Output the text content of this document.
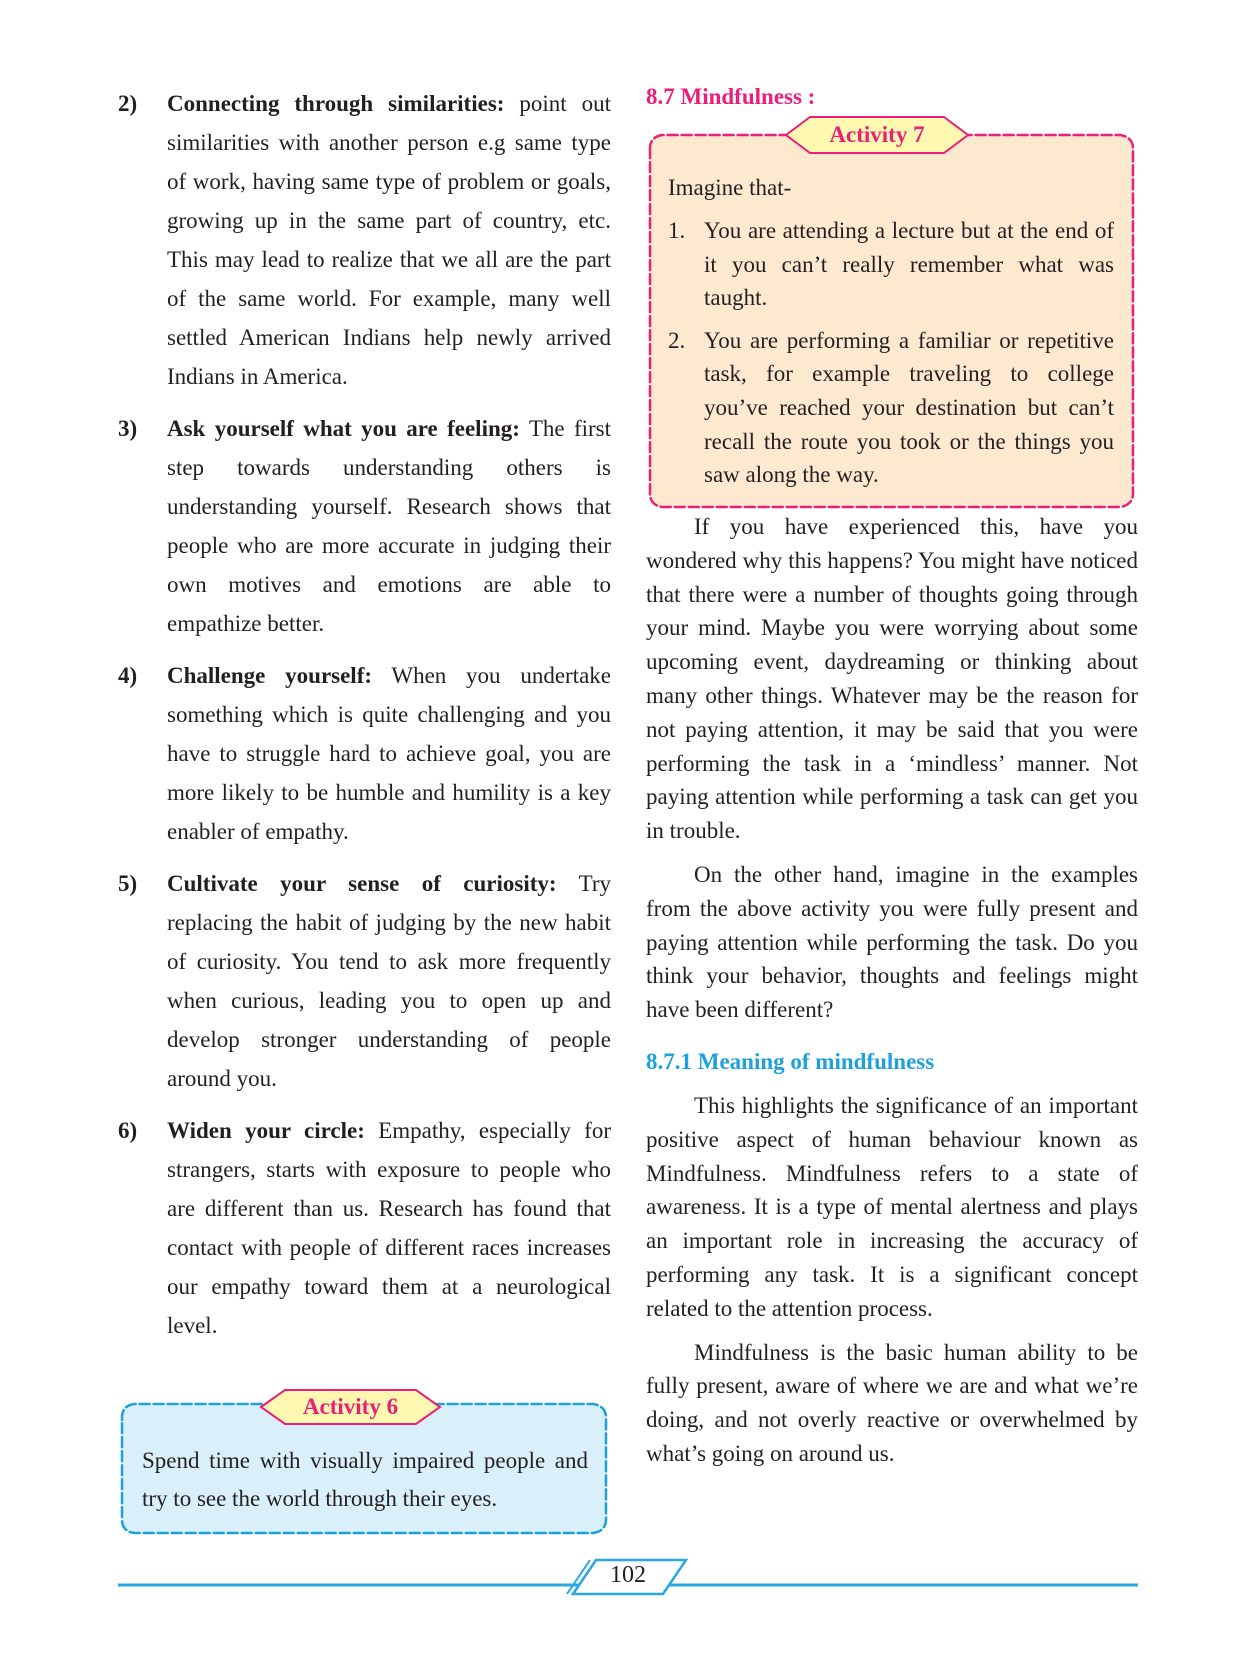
2) Connecting through similarities: point out similarities with another person e.g same type of work, having same type of problem or goals, growing up in the same part of country, etc. This may lead to realize that we all are the part of the same world. For example, many well settled American Indians help newly arrived Indians in America.
3) Ask yourself what you are feeling: The first step towards understanding others is understanding yourself. Research shows that people who are more accurate in judging their own motives and emotions are able to empathize better.
4) Challenge yourself: When you undertake something which is quite challenging and you have to struggle hard to achieve goal, you are more likely to be humble and humility is a key enabler of empathy.
5) Cultivate your sense of curiosity: Try replacing the habit of judging by the new habit of curiosity. You tend to ask more frequently when curious, leading you to open up and develop stronger understanding of people around you.
6) Widen your circle: Empathy, especially for strangers, starts with exposure to people who are different than us. Research has found that contact with people of different races increases our empathy toward them at a neurological level.
Activity 6
Spend time with visually impaired people and try to see the world through their eyes.
8.7 Mindfulness :

If you have experienced this, have you wondered why this happens? You might have noticed that there were a number of thoughts going through your mind. Maybe you were worrying about some upcoming event, daydreaming or thinking about many other things. Whatever may be the reason for not paying attention, it may be said that you were performing the task in a ‘mindless’ manner. Not paying attention while performing a task can get you in trouble.

On the other hand, imagine in the examples from the above activity you were fully present and paying attention while performing the task. Do you think your behavior, thoughts and feelings might have been different?

8.7.1 Meaning of mindfulness

This highlights the significance of an important positive aspect of human behaviour known as Mindfulness. Mindfulness refers to a state of awareness. It is a type of mental alertness and plays an important role in increasing the accuracy of performing any task. It is a significant concept related to the attention process.

Mindfulness is the basic human ability to be fully present, aware of where we are and what we’re doing, and not overly reactive or overwhelmed by what’s going on around us.

Activity 7

Imagine that-

1. You are attending a lecture but at the end of it you can’t really remember what was taught.
2. You are performing a familiar or repetitive task, for example traveling to college you’ve reached your destination but can’t recall the route you took or the things you saw along the way.
102
